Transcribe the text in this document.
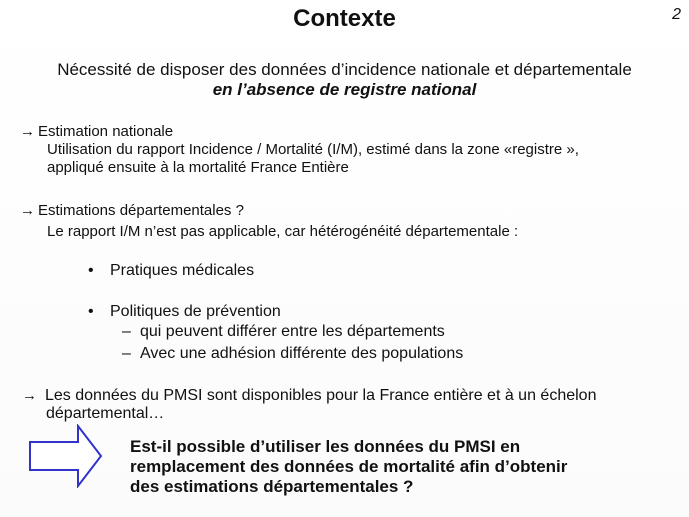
Contexte	2
Nécessité de disposer des données d’incidence nationale et départementale
en l’absence de registre national
→ Estimation nationale
Utilisation du rapport Incidence / Mortalité (I/M), estimé dans la zone «registre »,
appliqué ensuite à la mortalité France Entière
→ Estimations départementales ?
Le rapport I/M n’est pas applicable, car hétérogénéité départementale :
• Pratiques médicales
• Politiques de prévention
– qui peuvent différer entre les départements
– Avec une adhésion différente des populations
→ Les données du PMSI sont disponibles pour la France entière et à un échelon
départemental…
Est-il possible d’utiliser les données du PMSI en
remplacement des données de mortalité afin d’obtenir
des estimations départementales ?
